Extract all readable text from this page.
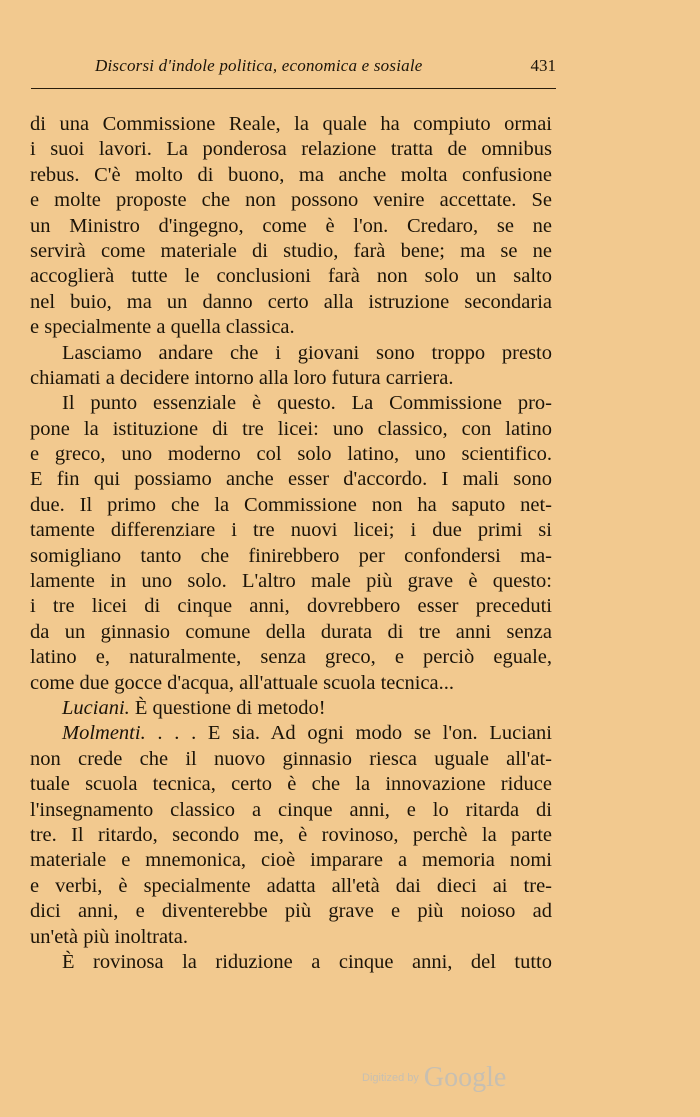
Discorsi d'indole politica, economica e sosiale	431
di una Commissione Reale, la quale ha compiuto ormai
i suoi lavori. La ponderosa relazione tratta de omnibus
rebus. C'è molto di buono, ma anche molta confusione
e molte proposte che non possono venire accettate. Se
un Ministro d'ingegno, come è l'on. Credaro, se ne
servirà come materiale di studio, farà bene; ma se ne
accoglierà tutte le conclusioni farà non solo un salto
nel buio, ma un danno certo alla istruzione secondaria
e specialmente a quella classica.
Lasciamo andare che i giovani sono troppo presto
chiamati a decidere intorno alla loro futura carriera.
Il punto essenziale è questo. La Commissione pro-
pone la istituzione di tre licei: uno classico, con latino
e greco, uno moderno col solo latino, uno scientifico.
E fin qui possiamo anche esser d'accordo. I mali sono
due. Il primo che la Commissione non ha saputo net-
tamente differenziare i tre nuovi licei; i due primi si
somigliano tanto che finirebbero per confondersi ma-
lamente in uno solo. L'altro male più grave è questo:
i tre licei di cinque anni, dovrebbero esser preceduti
da un ginnasio comune della durata di tre anni senza
latino e, naturalmente, senza greco, e perciò eguale,
come due gocce d'acqua, all'attuale scuola tecnica...
Luciani. È questione di metodo!
Molmenti. . . . E sia. Ad ogni modo se l'on. Luciani
non crede che il nuovo ginnasio riesca uguale all'at-
tuale scuola tecnica, certo è che la innovazione riduce
l'insegnamento classico a cinque anni, e lo ritarda di
tre. Il ritardo, secondo me, è rovinoso, perchè la parte
materiale e mnemonica, cioè imparare a memoria nomi
e verbi, è specialmente adatta all'età dai dieci ai tre-
dici anni, e diventerebbe più grave e più noioso ad
un'età più inoltrata.
È rovinosa la riduzione a cinque anni, del tutto
Digitized by Google
